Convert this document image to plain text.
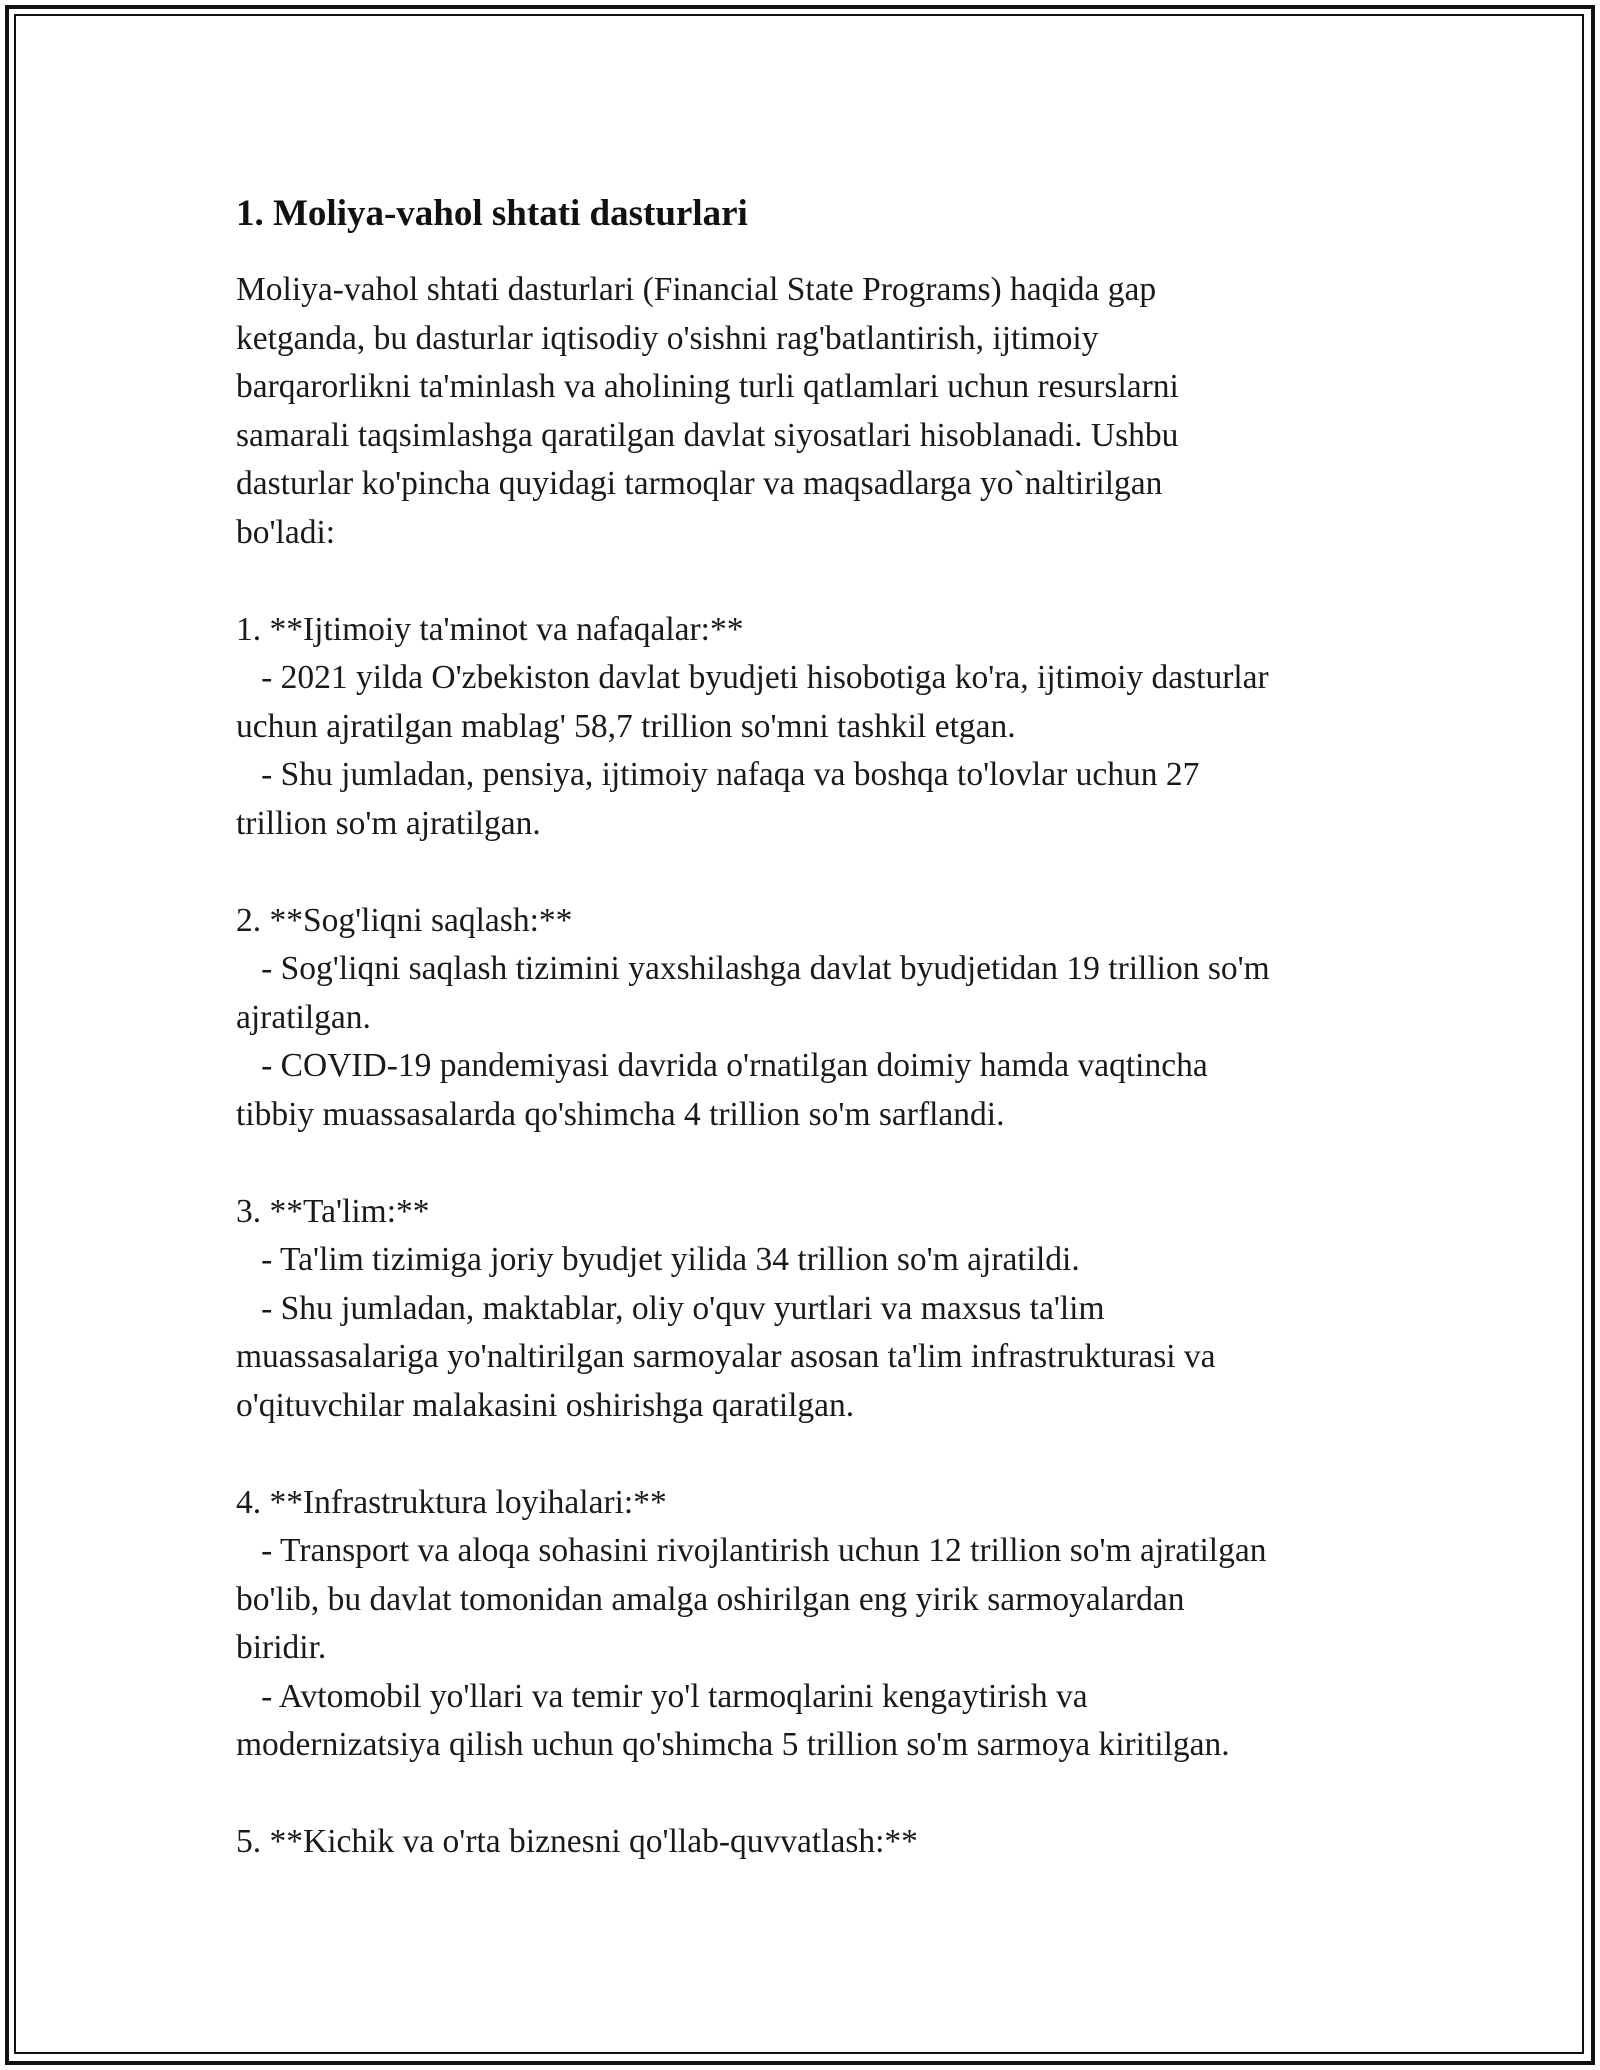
1. Moliya-vahol shtati dasturlari

Moliya-vahol shtati dasturlari (Financial State Programs) haqida gap
ketganda, bu dasturlar iqtisodiy o'sishni rag'batlantirish, ijtimoiy
barqarorlikni ta'minlash va aholining turli qatlamlari uchun resurslarni
samarali taqsimlashga qaratilgan davlat siyosatlari hisoblanadi. Ushbu
dasturlar ko'pincha quyidagi tarmoqlar va maqsadlarga yo`naltirilgan
bo'ladi:

1. **Ijtimoiy ta'minot va nafaqalar:**

- 2021 yilda O'zbekiston davlat byudjeti hisobotiga ko'ra, ijtimoiy dasturlar
uchun ajratilgan mablag' 58,7 trillion so'mni tashkil etgan.

- Shu jumladan, pensiya, ijtimoiy nafaqa va boshqa to'lovlar uchun 27
trillion so'm ajratilgan.

2. **Sog'liqni saqlash:**

- Sog'liqni saqlash tizimini yaxshilashga davlat byudjetidan 19 trillion so'm
ajratilgan.

- COVID-19 pandemiyasi davrida o'rnatilgan doimiy hamda vaqtincha
tibbiy muassasalarda qo'shimcha 4 trillion so'm sarflandi.

3. **Ta'lim:**

- Ta'lim tizimiga joriy byudjet yilida 34 trillion so'm ajratildi.

- Shu jumladan, maktablar, oliy o'quv yurtlari va maxsus ta'lim
muassasalariga yo'naltirilgan sarmoyalar asosan ta'lim infrastrukturasi va
o'qituvchilar malakasini oshirishga qaratilgan.

4. **Infrastruktura loyihalari:**

- Transport va aloqa sohasini rivojlantirish uchun 12 trillion so'm ajratilgan
bo'lib, bu davlat tomonidan amalga oshirilgan eng yirik sarmoyalardan
biridir.

- Avtomobil yo'llari va temir yo'l tarmoqlarini kengaytirish va
modernizatsiya qilish uchun qo'shimcha 5 trillion so'm sarmoya kiritilgan.

5. **Kichik va o'rta biznesni qo'llab-quvvatlash:**
